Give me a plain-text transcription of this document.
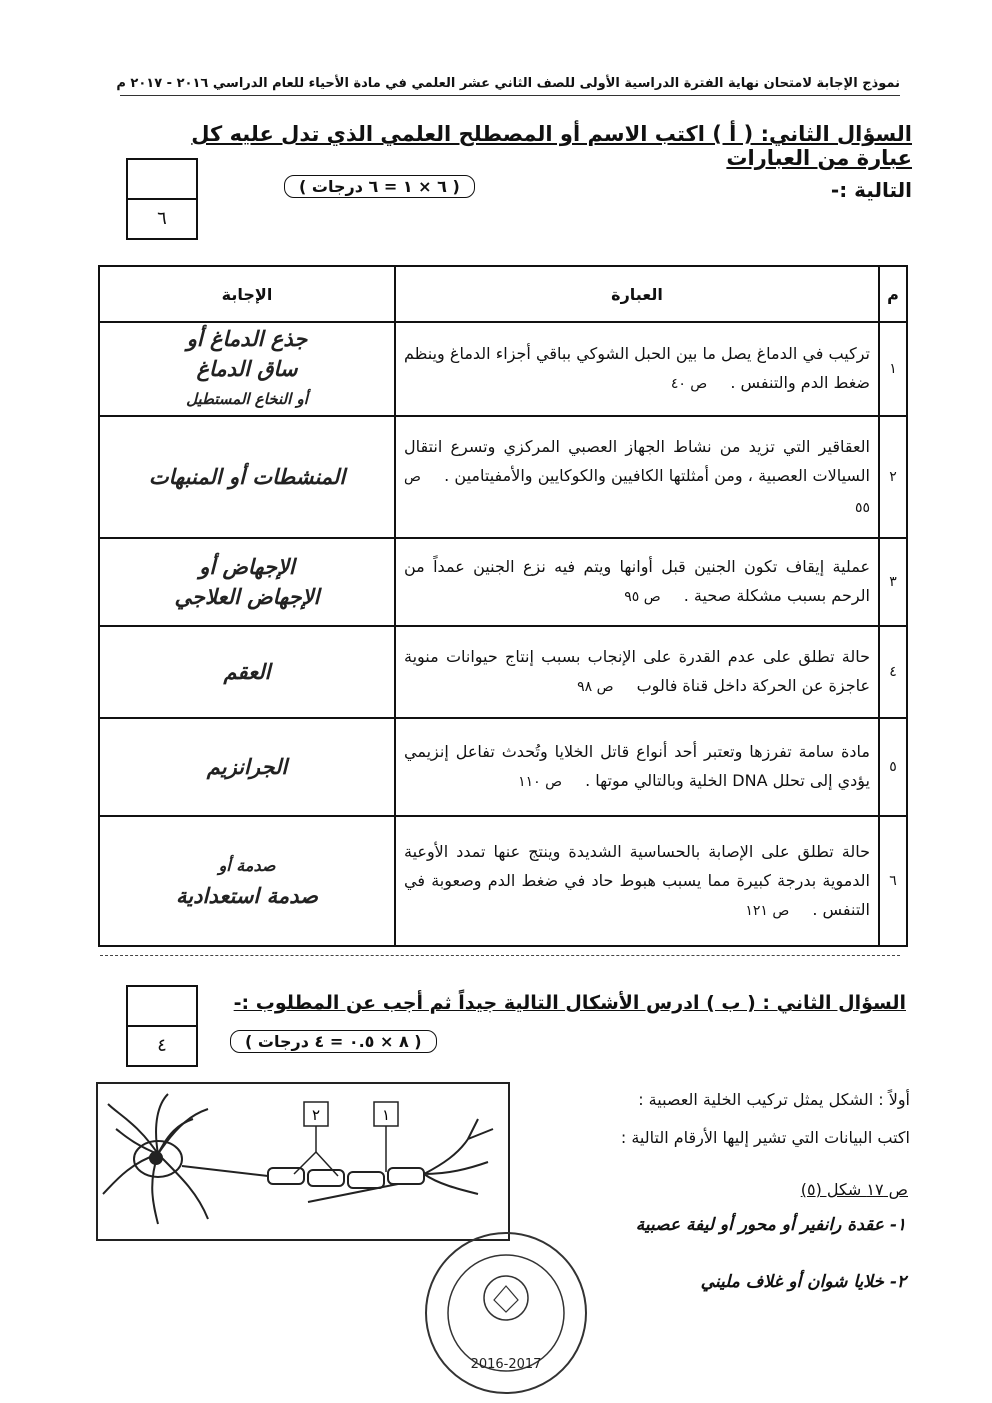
نموذج الإجابة لامتحان نهاية الفترة الدراسية الأولى للصف الثاني عشر العلمي في مادة الأحياء للعام الدراسي ٢٠١٦ - ٢٠١٧ م
السؤال الثاني: ( أ ) اكتب الاسم أو المصطلح العلمي الذي تدل عليه كل عبارة من العبارات
التالية :-
٦
( ٦ × ١ = ٦ درجات )
م	العبارة	الإجابة
١	تركيب في الدماغ يصل ما بين الحبل الشوكي بباقي أجزاء الدماغ وينظم ضغط الدم والتنفس . ص ٤٠	جذع الدماغ أو
ساق الدماغ
أو النخاع المستطيل

٢	العقاقير التي تزيد من نشاط الجهاز العصبي المركزي وتسرع انتقال السيالات العصبية ، ومن أمثلتها الكافيين والكوكايين والأمفيتامين . ص ٥٥	المنشطات أو المنبهات

٣	عملية إيقاف تكون الجنين قبل أوانها ويتم فيه نزع الجنين عمداً من الرحم بسبب مشكلة صحية . ص ٩٥	الإجهاض أو
الإجهاض العلاجي

٤	حالة تطلق على عدم القدرة على الإنجاب بسبب إنتاج حيوانات منوية عاجزة عن الحركة داخل قناة فالوب ص ٩٨	العقم

٥	مادة سامة تفرزها وتعتبر أحد أنواع قاتل الخلايا وتُحدث تفاعل إنزيمي يؤدي إلى تحلل DNA الخلية وبالتالي موتها . ص ١١٠	الجرانزيم

٦	حالة تطلق على الإصابة بالحساسية الشديدة وينتج عنها تمدد الأوعية الدموية بدرجة كبيرة مما يسبب هبوط حاد في ضغط الدم وصعوبة في التنفس . ص ١٢١	صدمة أو
صدمة استعدادية
السؤال الثاني : ( ب ) ادرس الأشكال التالية جيداً ثم أجب عن المطلوب :-
٤	( ٨ × ٠.٥ = ٤ درجات )
٢	١
أولاً : الشكل يمثل تركيب الخلية العصبية :
اكتب البيانات التي تشير إليها الأرقام التالية :
ص ١٧ شكل (٥)
١- عقدة رانفير أو محور أو ليفة عصبية
٢- خلايا شوان أو غلاف مليني
2016-2017
